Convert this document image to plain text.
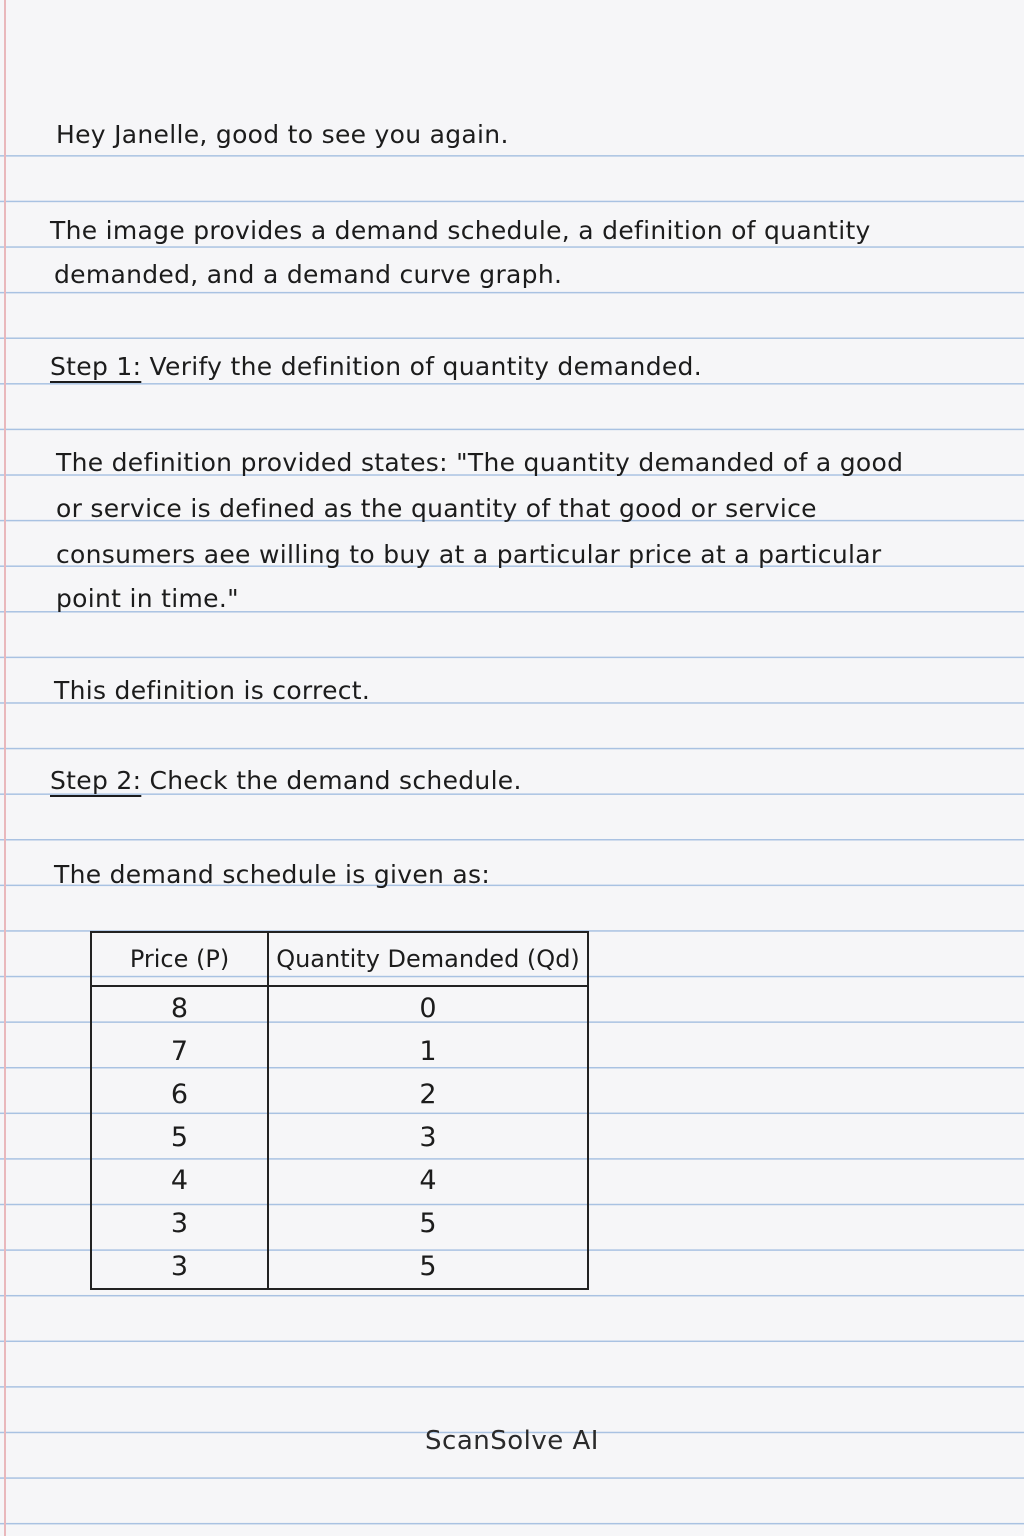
Hey Janelle, good to see you again.

The image provides a demand schedule, a definition of quantity

demanded, and a demand curve graph.

Step 1: Verify the definition of quantity demanded.

The definition provided states: "The quantity demanded of a good

or service is defined as the quantity of that good or service

consumers aee willing to buy at a particular price at a particular

point in time."

This definition is correct.

Step 2: Check the demand schedule.

The demand schedule is given as:

Price (P)	Quantity Demanded (Qd)
8	0
7	1
6	2
5	3
4	4
3	5
3	5
ScanSolve AI
